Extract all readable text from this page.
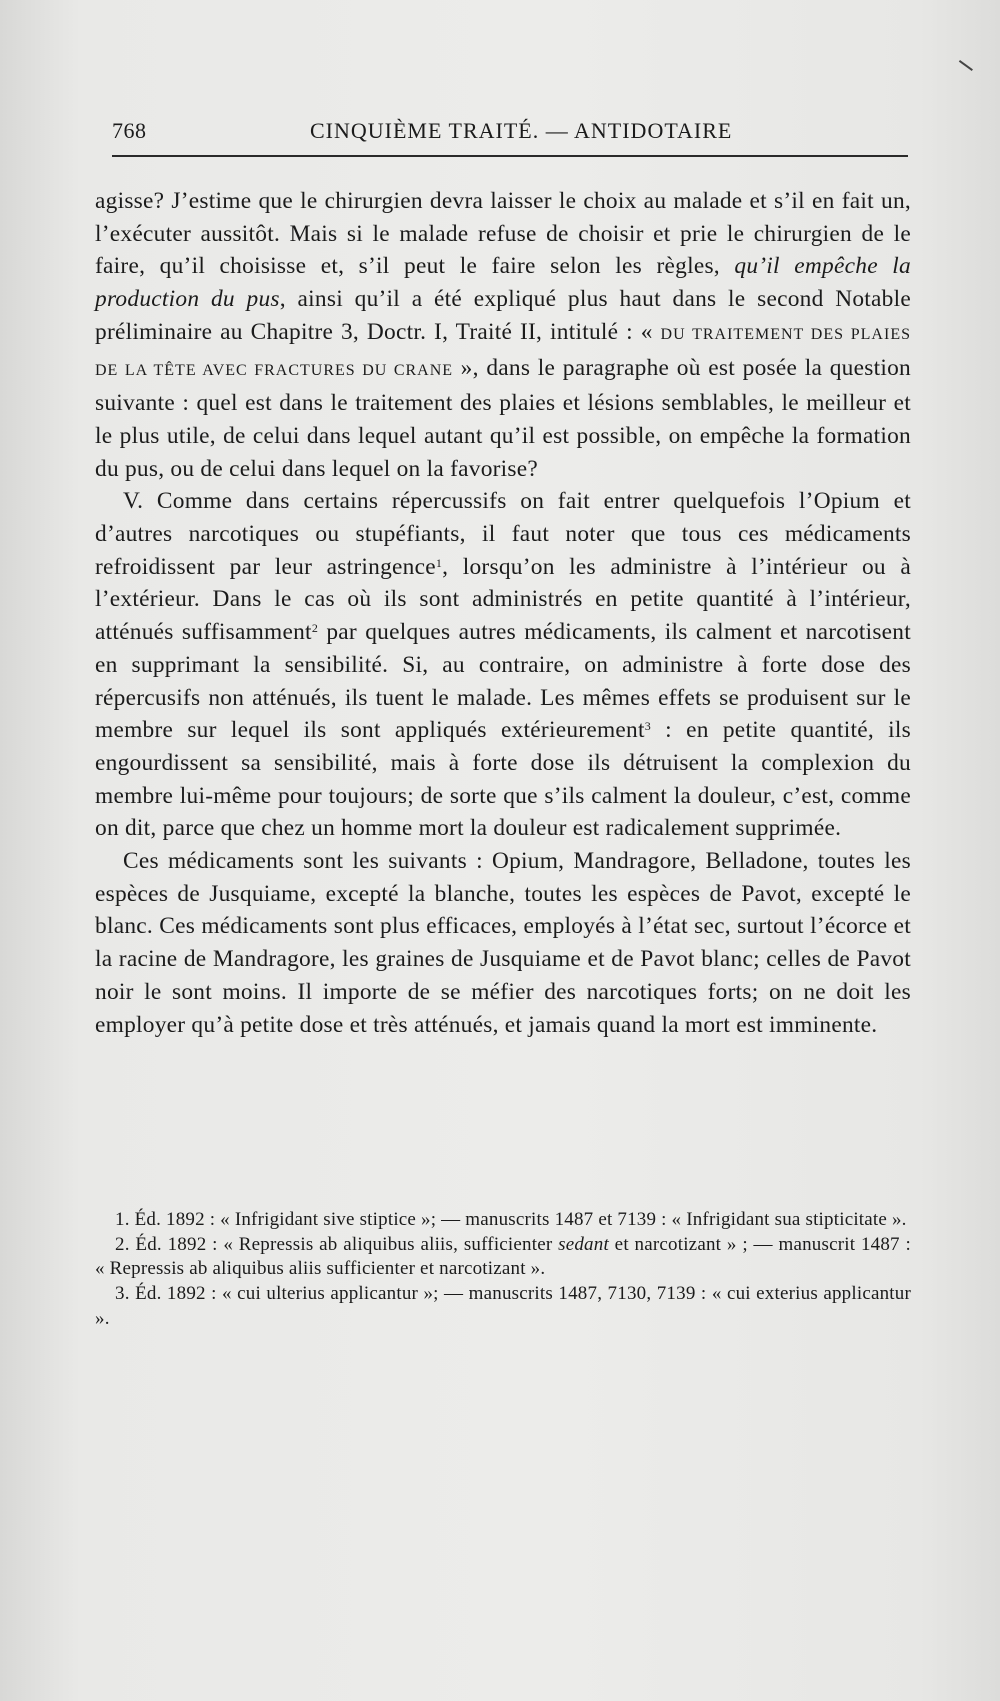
768	CINQUIÈME TRAITÉ. — ANTIDOTAIRE

agisse? J’estime que le chirurgien devra laisser le choix au malade et s’il en fait un, l’exécuter aussitôt. Mais si le malade refuse de choisir et prie le chirurgien de le faire, qu’il choisisse et, s’il peut le faire selon les règles, qu’il empêche la production du pus, ainsi qu’il a été expliqué plus haut dans le second Notable préliminaire au Chapitre 3, Doctr. I, Traité II, intitulé : « DU TRAITEMENT DES PLAIES DE LA TÊTE AVEC FRACTURES DU CRANE », dans le paragraphe où est posée la question suivante : quel est dans le traitement des plaies et lésions semblables, le meilleur et le plus utile, de celui dans lequel autant qu’il est possible, on empêche la formation du pus, ou de celui dans lequel on la favorise?

V. Comme dans certains répercussifs on fait entrer quelquefois l’Opium et d’autres narcotiques ou stupéfiants, il faut noter que tous ces médicaments refroidissent par leur astringence$^1$, lorsqu’on les administre à l’intérieur ou à l’extérieur. Dans le cas où ils sont administrés en petite quantité à l’intérieur, atténués suffisamment$^2$ par quelques autres médicaments, ils calment et narcotisent en supprimant la sensibilité. Si, au contraire, on administre à forte dose des répercusifs non atténués, ils tuent le malade. Les mêmes effets se produisent sur le membre sur lequel ils sont appliqués extérieurement$^3$ : en petite quantité, ils engourdissent sa sensibilité, mais à forte dose ils détruisent la complexion du membre lui-même pour toujours; de sorte que s’ils calment la douleur, c’est, comme on dit, parce que chez un homme mort la douleur est radicalement supprimée.

Ces médicaments sont les suivants : Opium, Mandragore, Belladone, toutes les espèces de Jusquiame, excepté la blanche, toutes les espèces de Pavot, excepté le blanc. Ces médicaments sont plus efficaces, employés à l’état sec, surtout l’écorce et la racine de Mandragore, les graines de Jusquiame et de Pavot blanc; celles de Pavot noir le sont moins. Il importe de se méfier des narcotiques forts; on ne doit les employer qu’à petite dose et très atténués, et jamais quand la mort est imminente.

1. Éd. 1892 : « Infrigidant sive stiptice »; — manuscrits 1487 et 7139 : « Infrigidant sua stipticitate ».

2. Éd. 1892 : « Repressis ab aliquibus aliis, sufficienter sedant et narcotizant » ; — manuscrit 1487 : « Repressis ab aliquibus aliis sufficienter et narcotizant ».

3. Éd. 1892 : « cui ulterius applicantur »; — manuscrits 1487, 7130, 7139 : « cui exterius applicantur ».
